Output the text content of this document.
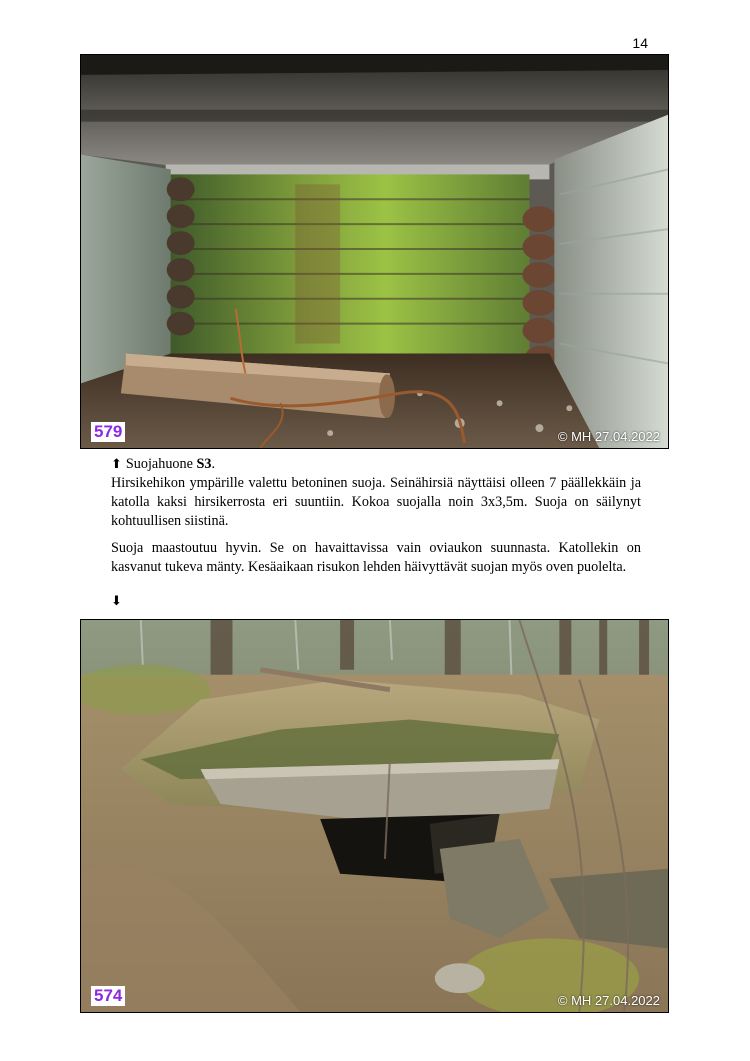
14
579	© MH 27.04.2022
⬆ Suojahuone S3.

Hirsikehikon ympärille valettu betoninen suoja. Seinähirsiä näyttäisi olleen 7 päällekkäin ja katolla kaksi hirsikerrosta eri suuntiin. Kokoa suojalla noin 3x3,5m. Suoja on säilynyt kohtuullisen siistinä.

Suoja maastoutuu hyvin. Se on havaittavissa vain oviaukon suunnasta. Katollekin on kasvanut tukeva mänty. Kesäaikaan risukon lehden häivyttävät suojan myös oven puolelta.

⬇
574	© MH 27.04.2022
